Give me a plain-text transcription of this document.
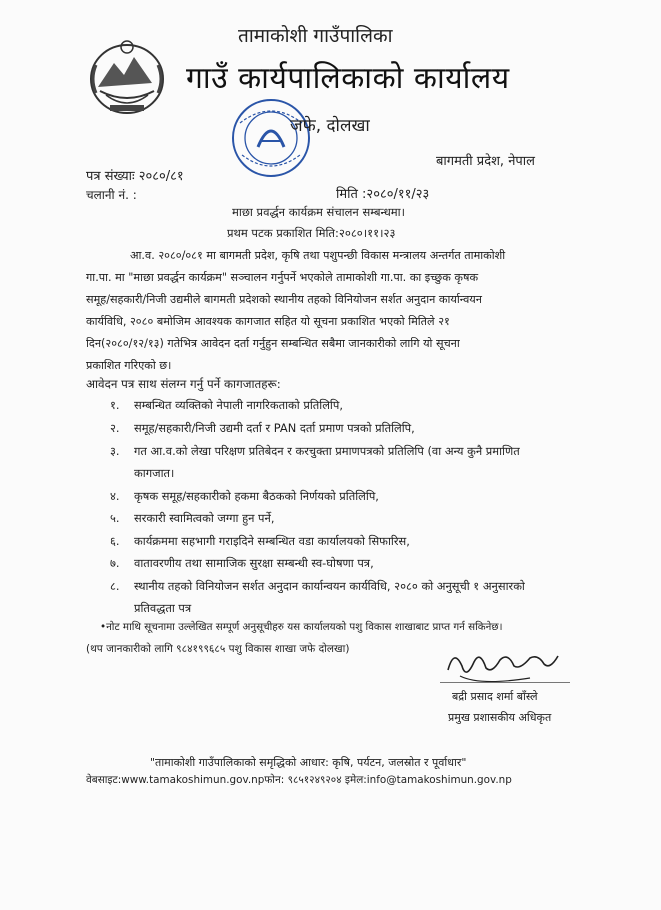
तामाकोशी गाउँपालिका
गाउँ कार्यपालिकाको कार्यालय
जफे, दोलखा
बागमती प्रदेश, नेपाल
पत्र संख्याः २०८०/८१
चलानी नं. :	मिति :२०८०/११/२३
माछा प्रवर्द्धन कार्यक्रम संचालन सम्बन्धमा।
प्रथम पटक प्रकाशित मिति:२०८०।११।२३
आ.व. २०८०/०८१ मा बागमती प्रदेश, कृषि तथा पशुपन्छी विकास मन्त्रालय अन्तर्गत तामाकोशी
गा.पा. मा "माछा प्रवर्द्धन कार्यक्रम" सञ्चालन गर्नुपर्ने भएकोले तामाकोशी गा.पा. का इच्छुक कृषक
समूह/सहकारी/निजी उद्यमीले बागमती प्रदेशको स्थानीय तहको विनियोजन सर्शत अनुदान कार्यान्वयन
कार्यविधि, २०८० बमोजिम आवश्यक कागजात सहित यो सूचना प्रकाशित भएको मितिले २१
दिन(२०८०/१२/१३) गतेभित्र आवेदन दर्ता गर्नुहुन सम्बन्धित सबैमा जानकारीको लागि यो सूचना
प्रकाशित गरिएको छ।
आवेदन पत्र साथ संलग्न गर्नु पर्ने कागजातहरू:
१. सम्बन्धित व्यक्तिको नेपाली नागरिकताको प्रतिलिपि,
२. समूह/सहकारी/निजी उद्यमी दर्ता र PAN दर्ता प्रमाण पत्रको प्रतिलिपि,
३. गत आ.व.को लेखा परिक्षण प्रतिबेदन र करचुक्ता प्रमाणपत्रको प्रतिलिपि (वा अन्य कुनै प्रमाणित
कागजात।
४. कृषक समूह/सहकारीको हकमा बैठकको निर्णयको प्रतिलिपि,
५. सरकारी स्वामित्वको जग्गा हुन पर्ने,
६. कार्यक्रममा सहभागी गराइदिने सम्बन्धित वडा कार्यालयको सिफारिस,
७. वातावरणीय तथा सामाजिक सुरक्षा सम्बन्धी स्व-घोषणा पत्र,
८. स्थानीय तहको विनियोजन सर्शत अनुदान कार्यान्वयन कार्यविधि, २०८० को अनुसूची १ अनुसारको
प्रतिवद्धता पत्र
•नोट माथि सूचनामा उल्लेखित सम्पूर्ण अनुसूचीहरु यस कार्यालयको पशु विकास शाखाबाट प्राप्त गर्न सकिनेछ।
(थप जानकारीको लागि ९८४१९९६८५ पशु विकास शाखा जफे दोलखा)
बद्री प्रसाद शर्मा बाँस्ले
प्रमुख प्रशासकीय अधिकृत
"तामाकोशी गाउँपालिकाको समृद्धिको आधार: कृषि, पर्यटन, जलस्रोत र पूर्वाधार"
वेबसाइट:www.tamakoshimun.gov.npफोन: ९८५१२४९२०४ इमेल:info@tamakoshimun.gov.np
